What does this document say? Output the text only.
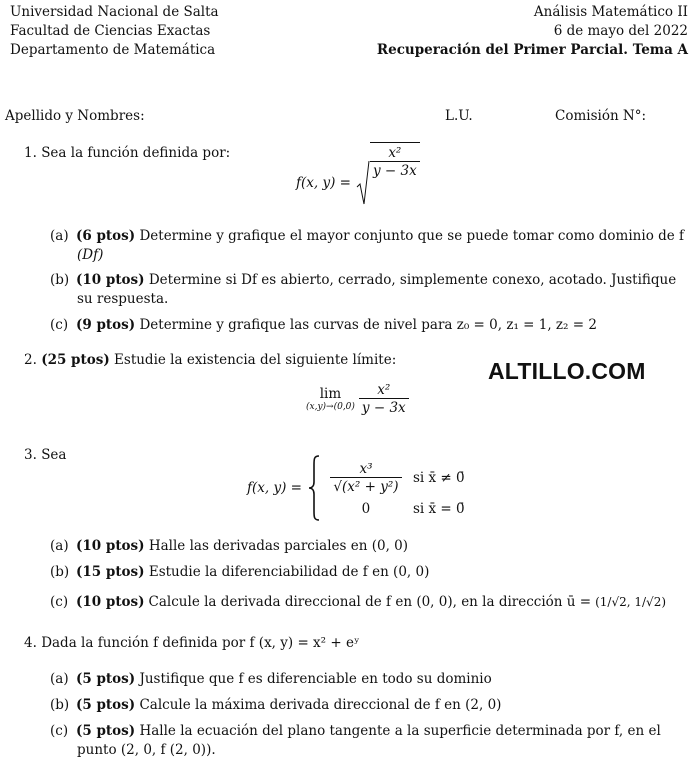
Universidad Nacional de Salta
Facultad de Ciencias Exactas
Departamento de Matemática
Análisis Matemático II
6 de mayo del 2022
Recuperación del Primer Parcial. Tema A
Apellido y Nombres:	L.U.	Comisión N°:
1. Sea la función definida por:
f(x, y) =
$\frac{\text{x²}}{y - 3x}$
(a) (6 ptos) Determine y grafique el mayor conjunto que se puede tomar como dominio de f
(Df)
(b) (10 ptos) Determine si Df es abierto, cerrado, simplemente conexo, acotado. Justifique
su respuesta.
(c) (9 ptos) Determine y grafique las curvas de nivel para z₀ = 0, z₁ = 1, z₂ = 2
2. (25 ptos) Estudie la existencia del siguiente límite:	ALTILLO.COM
lim
$(x,y)\to(0,0) \frac{\text{x²}}{y - 3x}$
3. Sea
f(x, $y) = \frac{\text{x³}}{\text{√(x² + y²)}}$ si x̄ ≠ 0̄
0	si x̄ = 0̄
(a) (10 ptos) Halle las derivadas parciales en (0, 0)
(b) (15 ptos) Estudie la diferenciabilidad de f en (0, 0)
(c) (10 ptos) Calcule la derivada direccional de f en (0, 0), en la dirección ū = (1/√2, 1/√2)
4. Dada la función f definida por f (x, y) = x² + eʸ
(a) (5 ptos) Justifique que f es diferenciable en todo su dominio
(b) (5 ptos) Calcule la máxima derivada direccional de f en (2, 0)
(c) (5 ptos) Halle la ecuación del plano tangente a la superficie determinada por f, en el
punto (2, 0, f (2, 0)).
